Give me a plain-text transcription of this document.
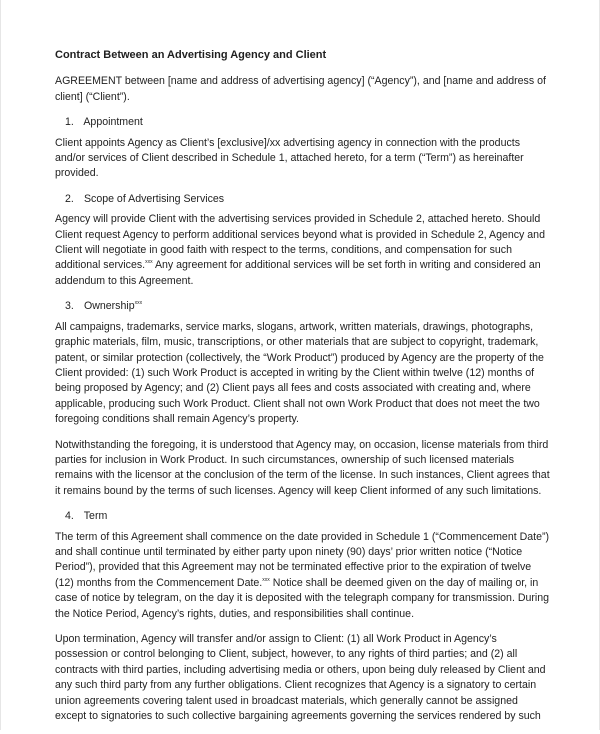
Contract Between an Advertising Agency and Client

AGREEMENT between [name and address of advertising agency] (“Agency”), and [name and address of client] (“Client”).

1. Appointment

Client appoints Agency as Client’s [exclusive]/xx advertising agency in connection with the products and/or services of Client described in Schedule 1, attached hereto, for a term (“Term”) as hereinafter provided.

2. Scope of Advertising Services

Agency will provide Client with the advertising services provided in Schedule 2, attached hereto. Should Client request Agency to perform additional services beyond what is provided in Schedule 2, Agency and Client will negotiate in good faith with respect to the terms, conditions, and compensation for such additional services.$^{xxx}$ Any agreement for additional services will be set forth in writing and considered an addendum to this Agreement.

3. Ownership$^{xxx}$

All campaigns, trademarks, service marks, slogans, artwork, written materials, drawings, photographs, graphic materials, film, music, transcriptions, or other materials that are subject to copyright, trademark, patent, or similar protection (collectively, the “Work Product”) produced by Agency are the property of the Client provided: (1) such Work Product is accepted in writing by the Client within twelve (12) months of being proposed by Agency; and (2) Client pays all fees and costs associated with creating and, where applicable, producing such Work Product. Client shall not own Work Product that does not meet the two foregoing conditions shall remain Agency’s property.

Notwithstanding the foregoing, it is understood that Agency may, on occasion, license materials from third parties for inclusion in Work Product. In such circumstances, ownership of such licensed materials remains with the licensor at the conclusion of the term of the license. In such instances, Client agrees that it remains bound by the terms of such licenses. Agency will keep Client informed of any such limitations.

4. Term

The term of this Agreement shall commence on the date provided in Schedule 1 (“Commencement Date”) and shall continue until terminated by either party upon ninety (90) days’ prior written notice (“Notice Period”), provided that this Agreement may not be terminated effective prior to the expiration of twelve (12) months from the Commencement Date.$^{xxx}$ Notice shall be deemed given on the day of mailing or, in case of notice by telegram, on the day it is deposited with the telegraph company for transmission. During the Notice Period, Agency’s rights, duties, and responsibilities shall continue.

Upon termination, Agency will transfer and/or assign to Client: (1) all Work Product in Agency’s possession or control belonging to Client, subject, however, to any rights of third parties; and (2) all contracts with third parties, including advertising media or others, upon being duly released by Client and any such third party from any further obligations. Client recognizes that Agency is a signatory to certain union agreements covering talent used in broadcast materials, which generally cannot be assigned except to signatories to such collective bargaining agreements governing the services rendered by such
